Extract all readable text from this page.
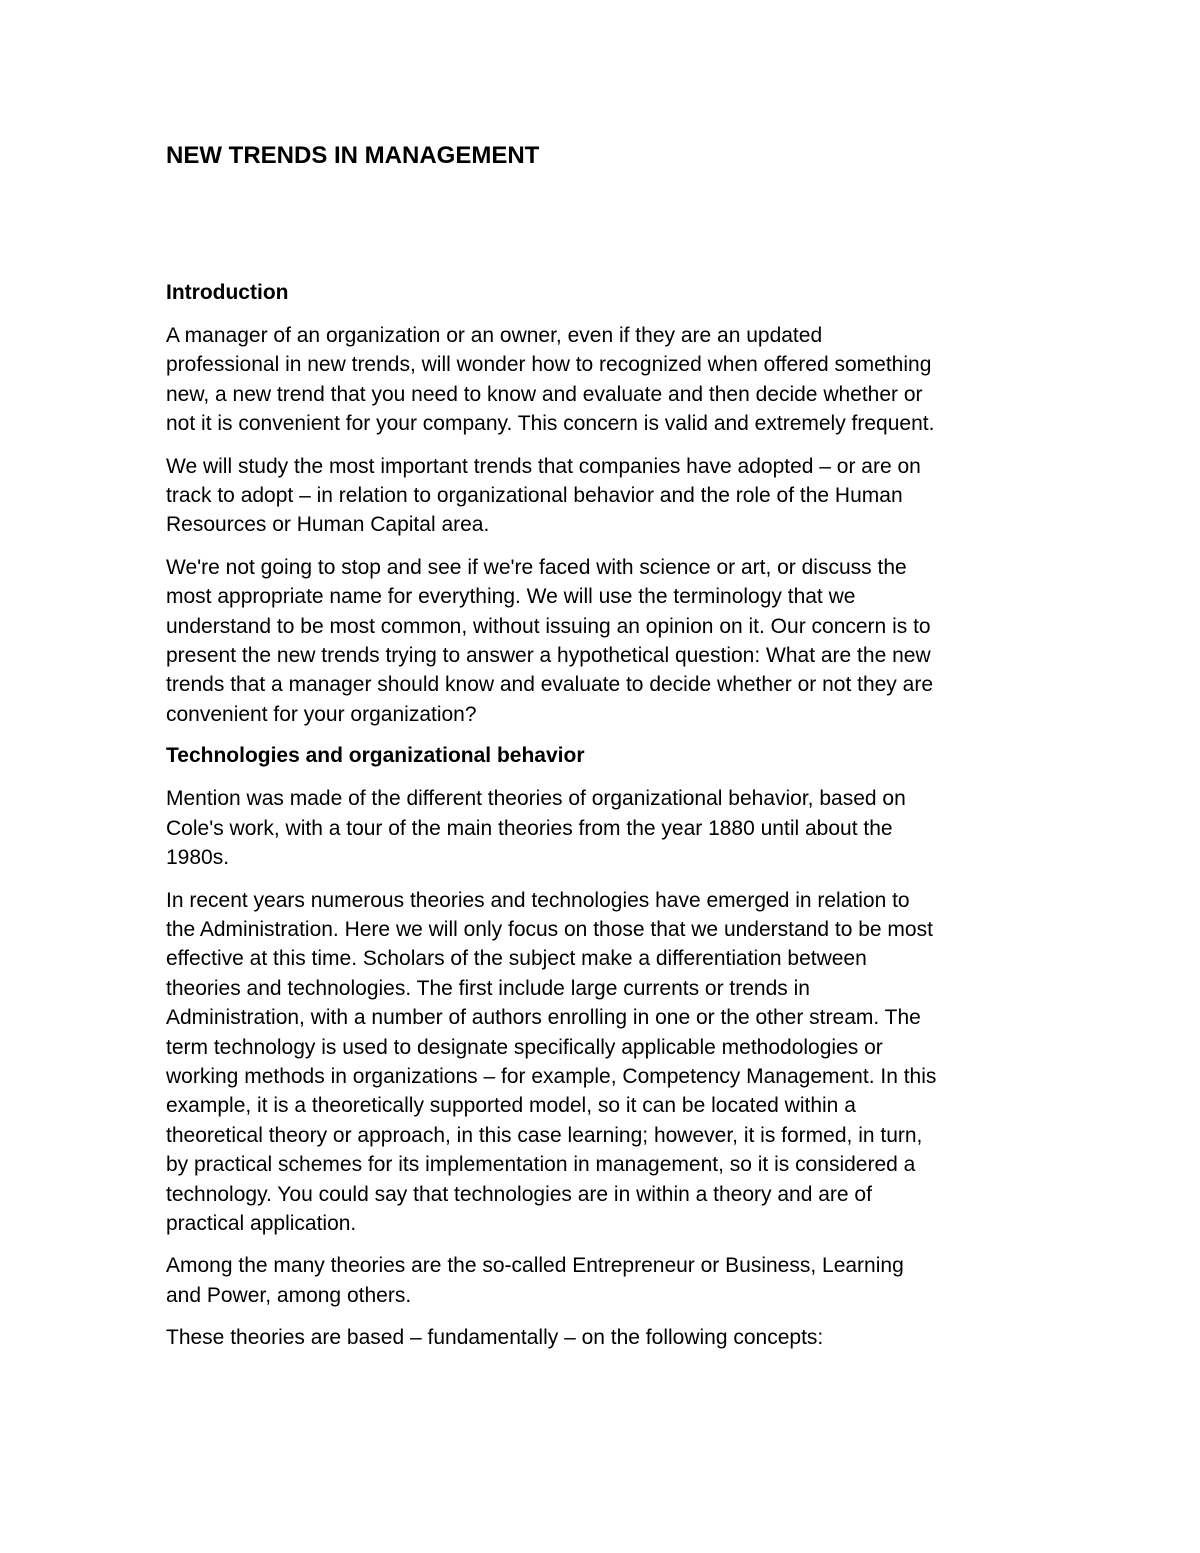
NEW TRENDS IN MANAGEMENT
Introduction

A manager of an organization or an owner, even if they are an updated
professional in new trends, will wonder how to recognized when offered something
new, a new trend that you need to know and evaluate and then decide whether or
not it is convenient for your company. This concern is valid and extremely frequent.

We will study the most important trends that companies have adopted – or are on
track to adopt – in relation to organizational behavior and the role of the Human
Resources or Human Capital area.

We're not going to stop and see if we're faced with science or art, or discuss the
most appropriate name for everything. We will use the terminology that we
understand to be most common, without issuing an opinion on it. Our concern is to
present the new trends trying to answer a hypothetical question: What are the new
trends that a manager should know and evaluate to decide whether or not they are
convenient for your organization?

Technologies and organizational behavior

Mention was made of the different theories of organizational behavior, based on
Cole's work, with a tour of the main theories from the year 1880 until about the
1980s.

In recent years numerous theories and technologies have emerged in relation to
the Administration. Here we will only focus on those that we understand to be most
effective at this time. Scholars of the subject make a differentiation between
theories and technologies. The first include large currents or trends in
Administration, with a number of authors enrolling in one or the other stream. The
term technology is used to designate specifically applicable methodologies or
working methods in organizations – for example, Competency Management. In this
example, it is a theoretically supported model, so it can be located within a
theoretical theory or approach, in this case learning; however, it is formed, in turn,
by practical schemes for its implementation in management, so it is considered a
technology. You could say that technologies are in within a theory and are of
practical application.

Among the many theories are the so-called Entrepreneur or Business, Learning
and Power, among others.

These theories are based – fundamentally – on the following concepts:
